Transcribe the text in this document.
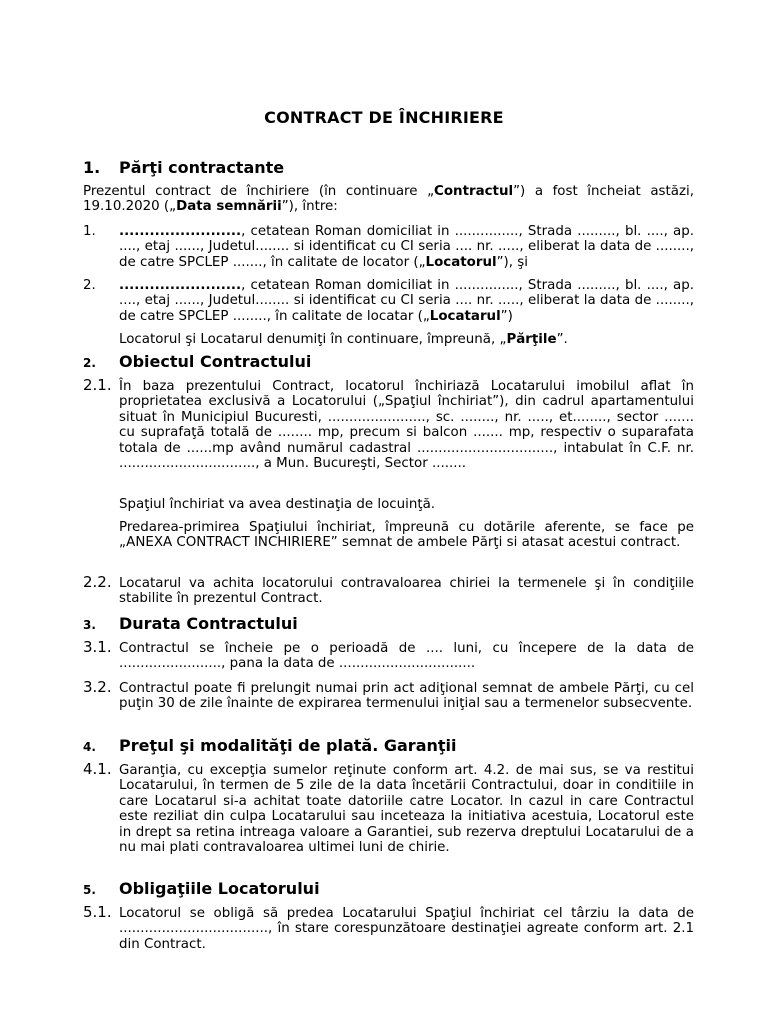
CONTRACT DE ÎNCHIRIERE
1. Părţi contractante
Prezentul contract de închiriere (în continuare „Contractul”) a fost încheiat astăzi, 19.10.2020 („Data semnării”), între:
1. ........................, cetatean Roman domiciliat in ..............., Strada ........., bl. ...., ap. ...., etaj ......, Judetul........ si identificat cu CI seria .... nr. ....., eliberat la data de ........, de catre SPCLEP ......., în calitate de locator („Locatorul”), şi
2. ........................, cetatean Roman domiciliat in ..............., Strada ........., bl. ...., ap. ...., etaj ......, Judetul........ si identificat cu CI seria .... nr. ....., eliberat la data de ........, de catre SPCLEP ........, în calitate de locatar („Locatarul”)
Locatorul şi Locatarul denumiţi în continuare, împreună, „Părţile”.
2. Obiectul Contractului
2.1. În baza prezentului Contract, locatorul închiriază Locatarului imobilul aflat în proprietatea exclusivă a Locatorului („Spaţiul închiriat”), din cadrul apartamentului situat în Municipiul Bucuresti, ......................., sc. ........, nr. ....., et........, sector ....... cu suprafaţă totală de ........ mp, precum si balcon ....... mp, respectiv o suparafata totala de ......mp având numărul cadastral ................................, intabulat în C.F. nr. ................................, a Mun. Bucureşti, Sector ........
Spaţiul închiriat va avea destinaţia de locuinţă.
Predarea-primirea Spaţiului închiriat, împreună cu dotările aferente, se face pe „ANEXA CONTRACT INCHIRIERE” semnat de ambele Părţi si atasat acestui contract.
2.2. Locatarul va achita locatorului contravaloarea chiriei la termenele şi în condiţiile stabilite în prezentul Contract.
3. Durata Contractului
3.1. Contractul se încheie pe o perioadă de .... luni, cu începere de la data de ........................, pana la data de ................................
3.2. Contractul poate fi prelungit numai prin act adiţional semnat de ambele Părţi, cu cel puţin 30 de zile înainte de expirarea termenului iniţial sau a termenelor subsecvente.
4. Preţul şi modalităţi de plată. Garanţii
4.1. Garanţia, cu excepţia sumelor reţinute conform art. 4.2. de mai sus, se va restitui Locatarului, în termen de 5 zile de la data încetării Contractului, doar in conditiile in care Locatarul si-a achitat toate datoriile catre Locator. In cazul in care Contractul este reziliat din culpa Locatarului sau inceteaza la initiativa acestuia, Locatorul este in drept sa retina intreaga valoare a Garantiei, sub rezerva dreptului Locatarului de a nu mai plati contravaloarea ultimei luni de chirie.
5. Obligaţiile Locatorului
5.1. Locatorul se obligă să predea Locatarului Spaţiul închiriat cel târziu la data de ..................................., în stare corespunzătoare destinaţiei agreate conform art. 2.1 din Contract.
